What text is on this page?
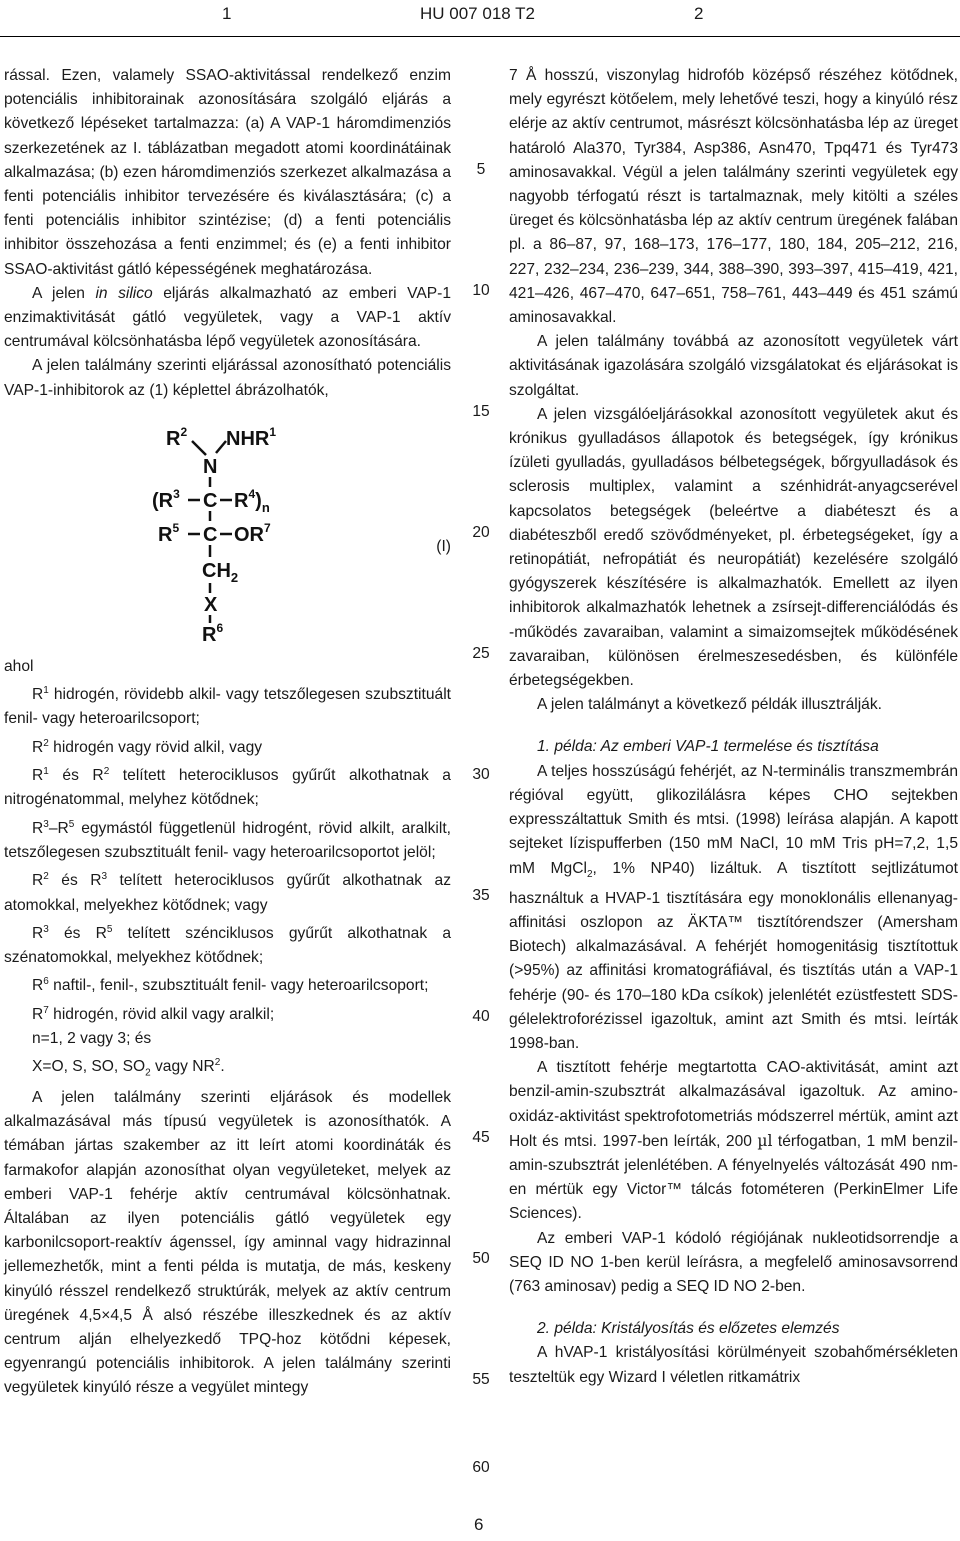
1	HU 007 018 T2	2

rással. Ezen, valamely SSAO-aktivitással rendelkező enzim potenciális inhibitorainak azonosítására szolgáló eljárás a következő lépéseket tartalmazza: (a) A VAP-1 háromdimenziós szerkezetének az I. táblázatban megadott atomi koordinátáinak alkalmazása; (b) ezen háromdimenziós szerkezet alkalmazása a fenti potenciális inhibitor tervezésére és kiválasztására; (c) a fenti potenciális inhibitor szintézise; (d) a fenti potenciális inhibitor összehozása a fenti enzimmel; és (e) a fenti inhibitor SSAO-aktivitást gátló képességének meghatározása.

A jelen in silico eljárás alkalmazható az emberi VAP-1 enzimaktivitását gátló vegyületek, vagy a VAP-1 aktív centrumával kölcsönhatásba lépő vegyületek azonosítására.

A jelen találmány szerinti eljárással azonosítható potenciális VAP-1-inhibitorok az (1) képlettel ábrázolhatók,

$R^2$ NHR$^1$
N
($R^3$ C $R^4)_n$
$R^5$ C $OR^7$
$CH_2$
X
$R^6$
(I)

ahol

$R^1$ hidrogén, rövidebb alkil- vagy tetszőlegesen szubsztituált fenil- vagy heteroarilcsoport;

$R^2$ hidrogén vagy rövid alkil, vagy

$R^1$ és $R^2$ telített heterociklusos gyűrűt alkothatnak a nitrogénatommal, melyhez kötődnek;

$R^3-R^5$ egymástól függetlenül hidrogént, rövid alkilt, aralkilt, tetszőlegesen szubsztituált fenil- vagy heteroarilcsoportot jelöl;

$R^2$ és $R^3$ telített heterociklusos gyűrűt alkothatnak az atomokkal, melyekhez kötődnek; vagy

$R^3$ és $R^5$ telített szénciklusos gyűrűt alkothatnak a szénatomokkal, melyekhez kötődnek;

$R^6$ naftil-, fenil-, szubsztituált fenil- vagy heteroarilcsoport;

$R^7$ hidrogén, rövid alkil vagy aralkil;

n=1, 2 vagy 3; és

X=O, S, SO, $SO_2$ vagy $NR^2$.

A jelen találmány szerinti eljárások és modellek alkalmazásával más típusú vegyületek is azonosíthatók. A témában jártas szakember az itt leírt atomi koordináták és farmakofor alapján azonosíthat olyan vegyületeket, melyek az emberi VAP-1 fehérje aktív centrumával kölcsönhatnak. Általában az ilyen potenciális gátló vegyületek egy karbonilcsoport-reaktív ágenssel, így aminnal vagy hidrazinnal jellemezhetők, mint a fenti példa is mutatja, de más, keskeny kinyúló résszel rendelkező struktúrák, melyek az aktív centrum üregének 4,5×4,5 Å alsó részébe illeszkednek és az aktív centrum alján elhelyezkedő TPQ-hoz kötődni képesek, egyenrangú potenciális inhibitorok. A jelen találmány szerinti vegyületek kinyúló része a vegyület mintegy

5
10
15
20
25
30
35
40
45
50
55
60

7 Å hosszú, viszonylag hidrofób középső részéhez kötődnek, mely egyrészt kötőelem, mely lehetővé teszi, hogy a kinyúló rész elérje az aktív centrumot, másrészt kölcsönhatásba lép az üreget határoló Ala370, Tyr384, Asp386, Asn470, Tpq471 és Tyr473 aminosavakkal. Végül a jelen találmány szerinti vegyületek egy nagyobb térfogatú részt is tartalmaznak, mely kitölti a széles üreget és kölcsönhatásba lép az aktív centrum üregének falában pl. a 86–87, 97, 168–173, 176–177, 180, 184, 205–212, 216, 227, 232–234, 236–239, 344, 388–390, 393–397, 415–419, 421, 421–426, 467–470, 647–651, 758–761, 443–449 és 451 számú aminosavakkal.

A jelen találmány továbbá az azonosított vegyületek várt aktivitásának igazolására szolgáló vizsgálatokat és eljárásokat is szolgáltat.

A jelen vizsgálóeljárásokkal azonosított vegyületek akut és krónikus gyulladásos állapotok és betegségek, így krónikus ízületi gyulladás, gyulladásos bélbetegségek, bőrgyulladások és sclerosis multiplex, valamint a szénhidrát-anyagcserével kapcsolatos betegségek (beleértve a diabéteszt és a diabéteszből eredő szövődményeket, pl. érbetegségeket, így a retinopátiát, nefropátiát és neuropátiát) kezelésére szolgáló gyógyszerek készítésére is alkalmazhatók. Emellett az ilyen inhibitorok alkalmazhatók lehetnek a zsírsejt-differenciálódás és -működés zavaraiban, valamint a simaizomsejtek működésének zavaraiban, különösen érelmeszesedésben, és különféle érbetegségekben.

A jelen találmányt a következő példák illusztrálják.

1. példa: Az emberi VAP-1 termelése és tisztítása

A teljes hosszúságú fehérjét, az N-terminális transzmembrán régióval együtt, glikozilálásra képes CHO sejtekben expresszáltattuk Smith és mtsi. (1998) leírása alapján. A kapott sejteket lízispufferben (150 mM NaCl, 10 mM Tris pH=7,2, 1,5 mM MgCl$_2$, 1% NP40) lizáltuk. A tisztított sejtlizátumot használtuk a HVAP-1 tisztítására egy monoklonális ellenanyag-affinitási oszlopon az ÄKTA™ tisztítórendszer (Amersham Biotech) alkalmazásával. A fehérjét homogenitásig tisztítottuk (>95%) az affinitási kromatográfiával, és tisztítás után a VAP-1 fehérje (90- és 170–180 kDa csíkok) jelenlétét ezüstfestett SDS-gélelektroforézissel igazoltuk, amint azt Smith és mtsi. leírták 1998-ban.

A tisztított fehérje megtartotta CAO-aktivitását, amint azt benzil-amin-szubsztrát alkalmazásával igazoltuk. Az amino-oxidáz-aktivitást spektrofotometriás módszerrel mértük, amint azt Holt és mtsi. 1997-ben leírták, 200 µl térfogatban, 1 mM benzil-amin-szubsztrát jelenlétében. A fényelnyelés változását 490 nm-en mértük egy Victor™ tálcás fotométeren (PerkinElmer Life Sciences).

Az emberi VAP-1 kódoló régiójának nukleotidsorrendje a SEQ ID NO 1-ben kerül leírásra, a megfelelő aminosavsorrend (763 aminosav) pedig a SEQ ID NO 2-ben.

2. példa: Kristályosítás és előzetes elemzés

A hVAP-1 kristályosítási körülményeit szobahőmérsékleten teszteltük egy Wizard I véletlen ritkamátrix

6
